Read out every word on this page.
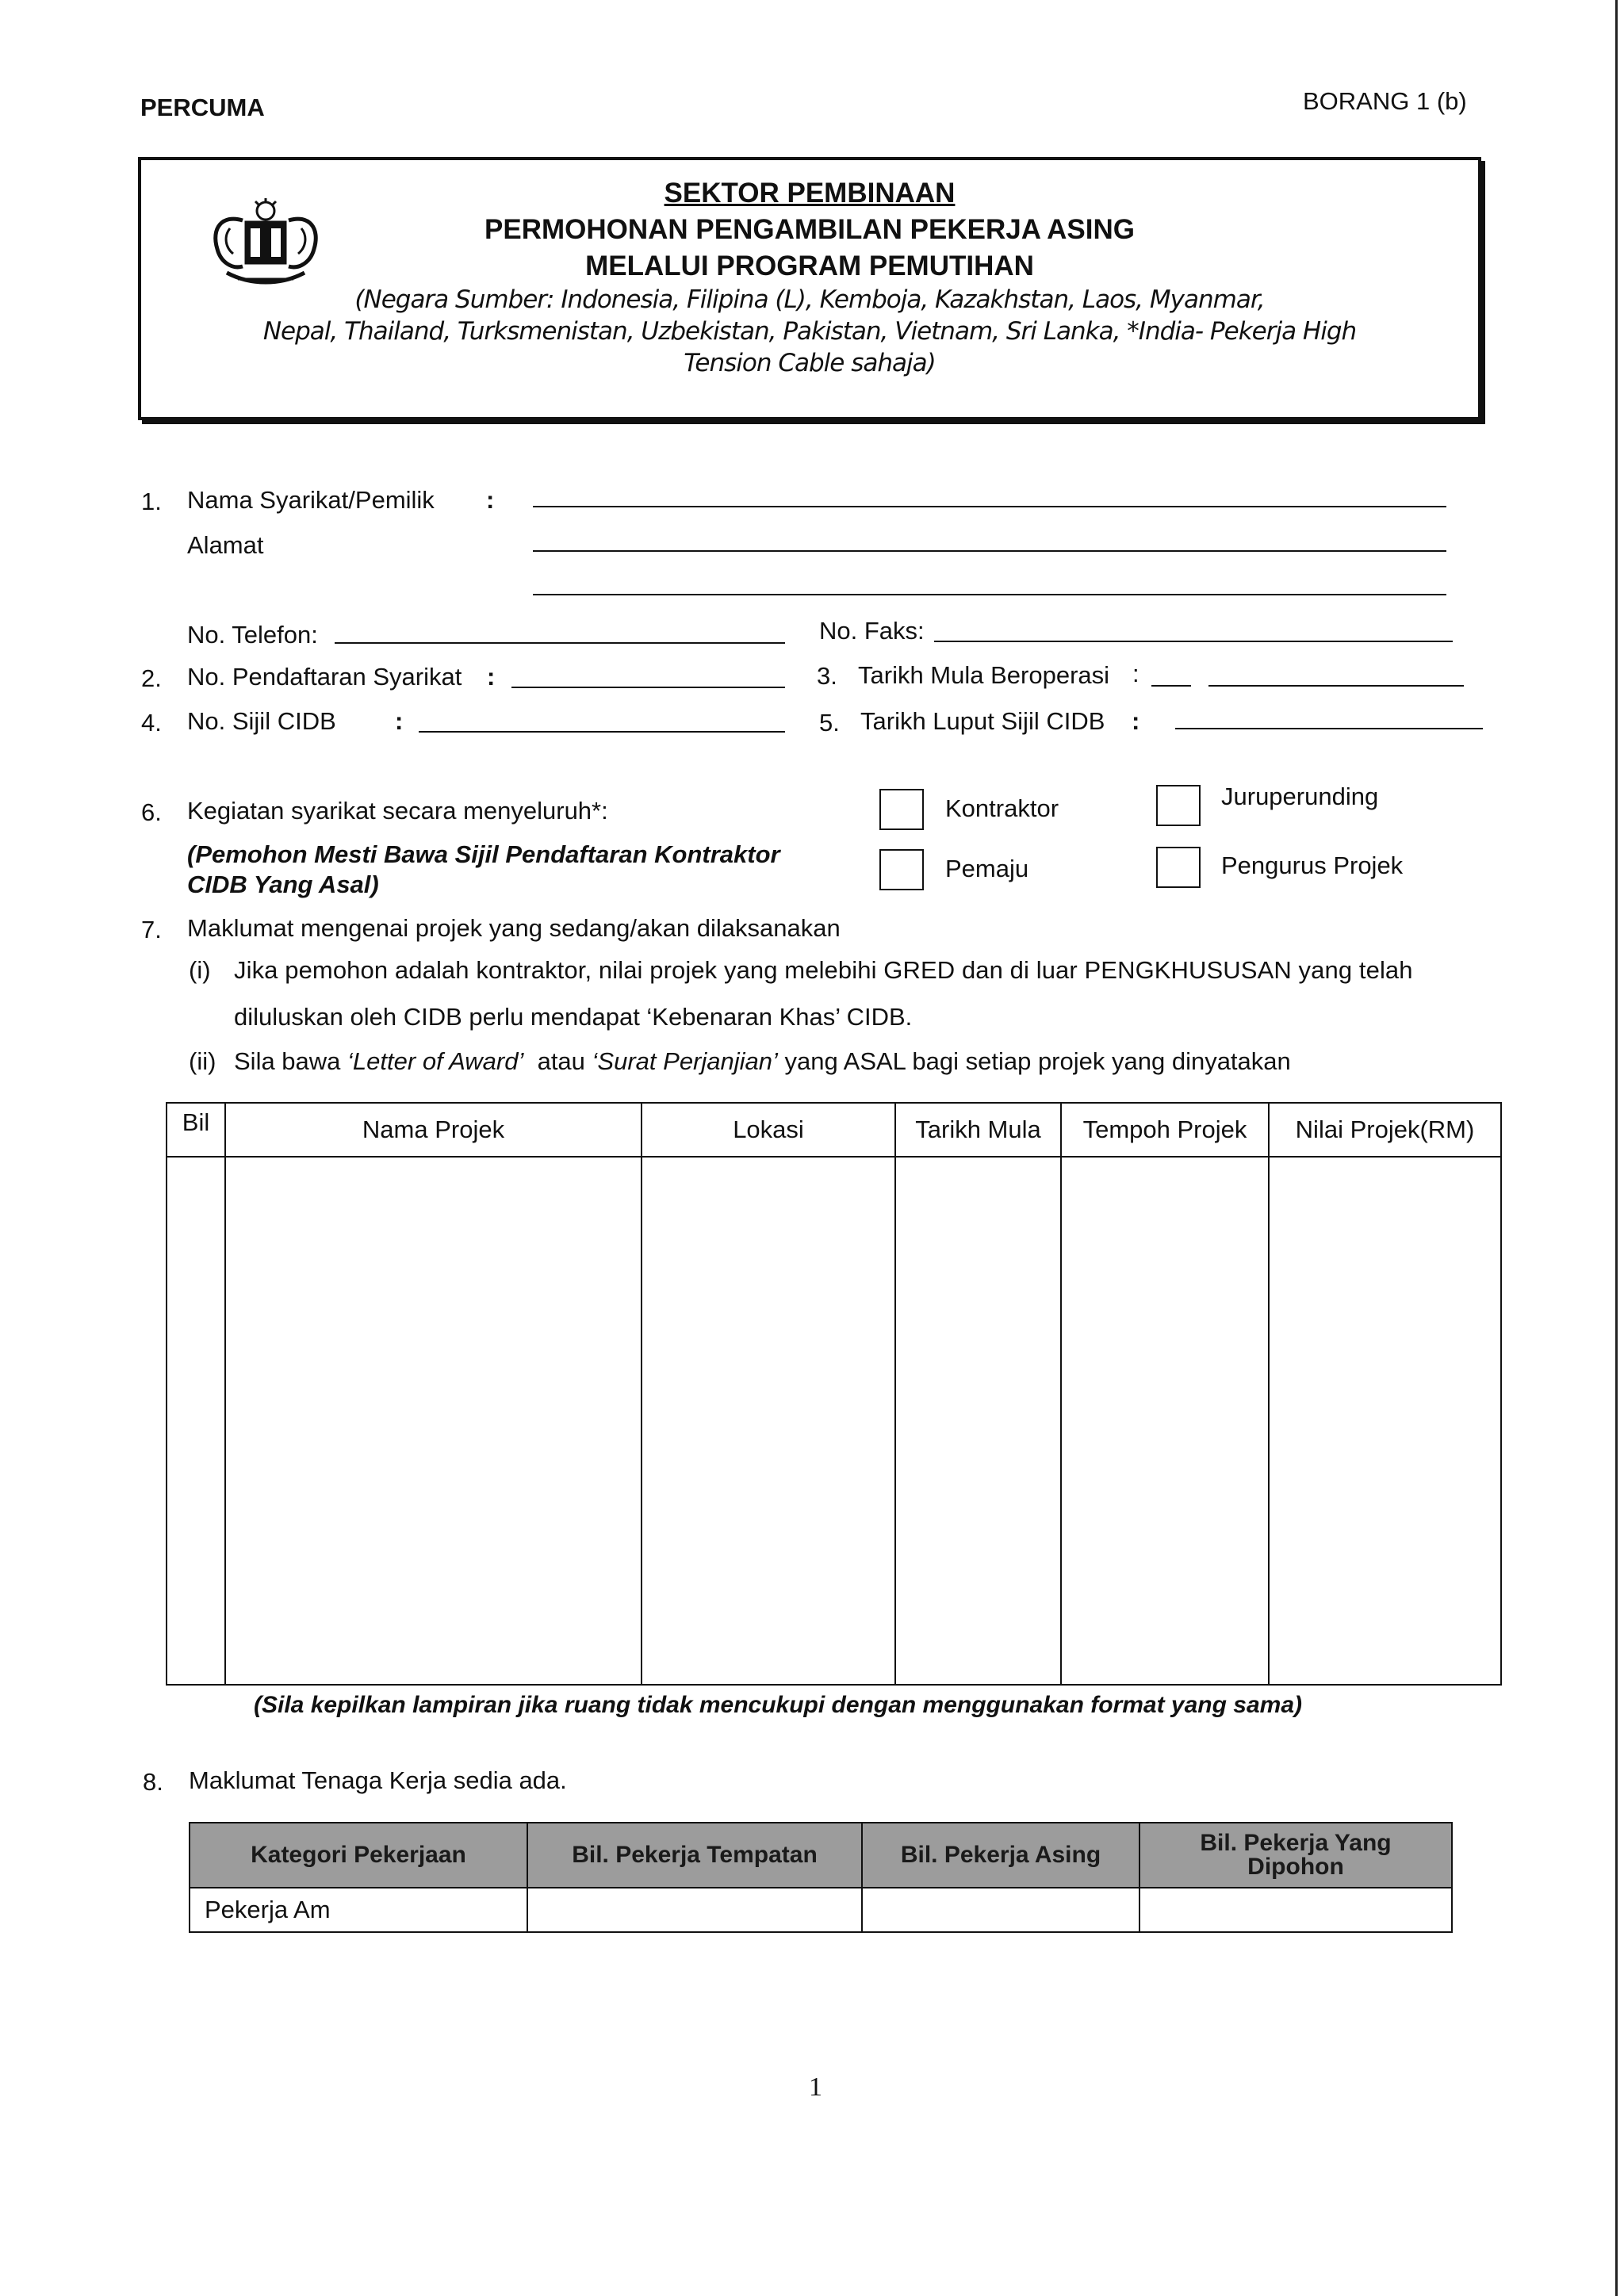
PERCUMA	BORANG 1 (b)
SEKTOR PEMBINAAN
PERMOHONAN PENGAMBILAN PEKERJA ASING
MELALUI PROGRAM PEMUTIHAN
(Negara Sumber: Indonesia, Filipina (L), Kemboja, Kazakhstan, Laos, Myanmar,
Nepal, Thailand, Turksmenistan, Uzbekistan, Pakistan, Vietnam, Sri Lanka, *India- Pekerja High
Tension Cable sahaja)
1. Nama Syarikat/Pemilik :
Alamat
No. Telefon:	No. Faks:
2. No. Pendaftaran Syarikat :	3. Tarikh Mula Beroperasi :
4. No. Sijil CIDB :	5. Tarikh Luput Sijil CIDB :
6. Kegiatan syarikat secara menyeluruh*:
(Pemohon Mesti Bawa Sijil Pendaftaran Kontraktor
CIDB Yang Asal)
Kontraktor	Juruperunding
Pemaju	Pengurus Projek
7. Maklumat mengenai projek yang sedang/akan dilaksanakan
(i) Jika pemohon adalah kontraktor, nilai projek yang melebihi GRED dan di luar PENGKHUSUSAN yang telah
diluluskan oleh CIDB perlu mendapat ‘Kebenaran Khas’ CIDB.
(ii) Sila bawa ‘Letter of Award’ atau ‘Surat Perjanjian’ yang ASAL bagi setiap projek yang dinyatakan
Bil	Nama Projek	Lokasi	Tarikh Mula	Tempoh Projek	Nilai Projek(RM)

(Sila kepilkan lampiran jika ruang tidak mencukupi dengan menggunakan format yang sama)
8. Maklumat Tenaga Kerja sedia ada.
Kategori Pekerjaan	Bil. Pekerja Tempatan	Bil. Pekerja Asing	Bil. Pekerja Yang Dipohon
Pekerja Am			
1
